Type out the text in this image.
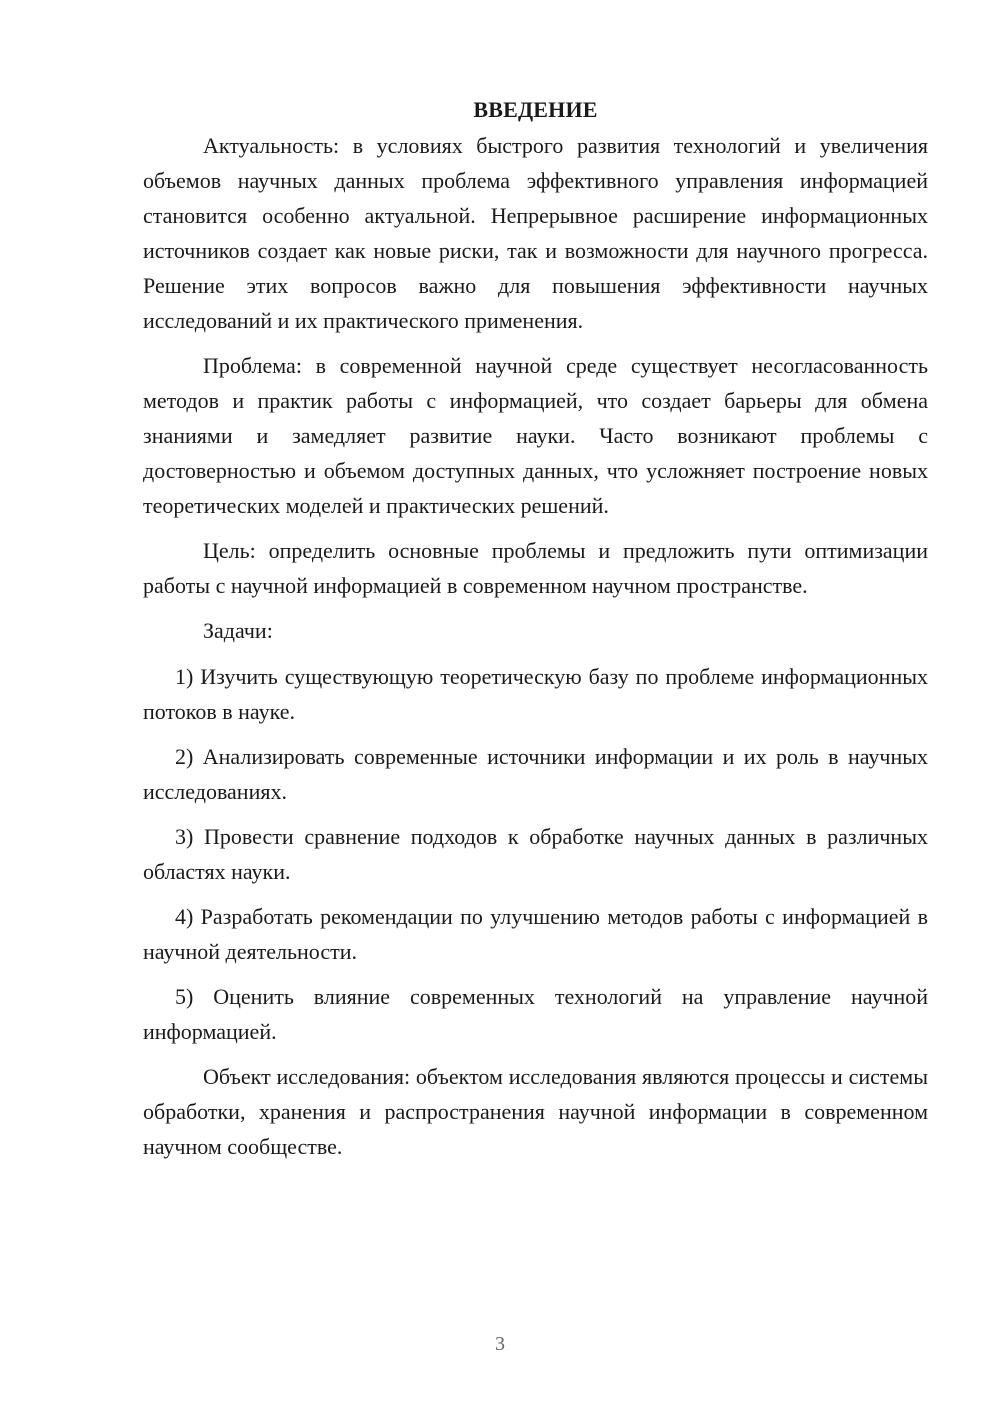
ВВЕДЕНИЕ

Актуальность: в условиях быстрого развития технологий и увеличения объемов научных данных проблема эффективного управления информацией становится особенно актуальной. Непрерывное расширение информационных источников создает как новые риски, так и возможности для научного прогресса. Решение этих вопросов важно для повышения эффективности научных исследований и их практического применения.

Проблема: в современной научной среде существует несогласованность методов и практик работы с информацией, что создает барьеры для обмена знаниями и замедляет развитие науки. Часто возникают проблемы с достоверностью и объемом доступных данных, что усложняет построение новых теоретических моделей и практических решений.

Цель: определить основные проблемы и предложить пути оптимизации работы с научной информацией в современном научном пространстве.

Задачи:

1) Изучить существующую теоретическую базу по проблеме информационных потоков в науке.

2) Анализировать современные источники информации и их роль в научных исследованиях.

3) Провести сравнение подходов к обработке научных данных в различных областях науки.

4) Разработать рекомендации по улучшению методов работы с информацией в научной деятельности.

5) Оценить влияние современных технологий на управление научной информацией.

Объект исследования: объектом исследования являются процессы и системы обработки, хранения и распространения научной информации в современном научном сообществе.

3
